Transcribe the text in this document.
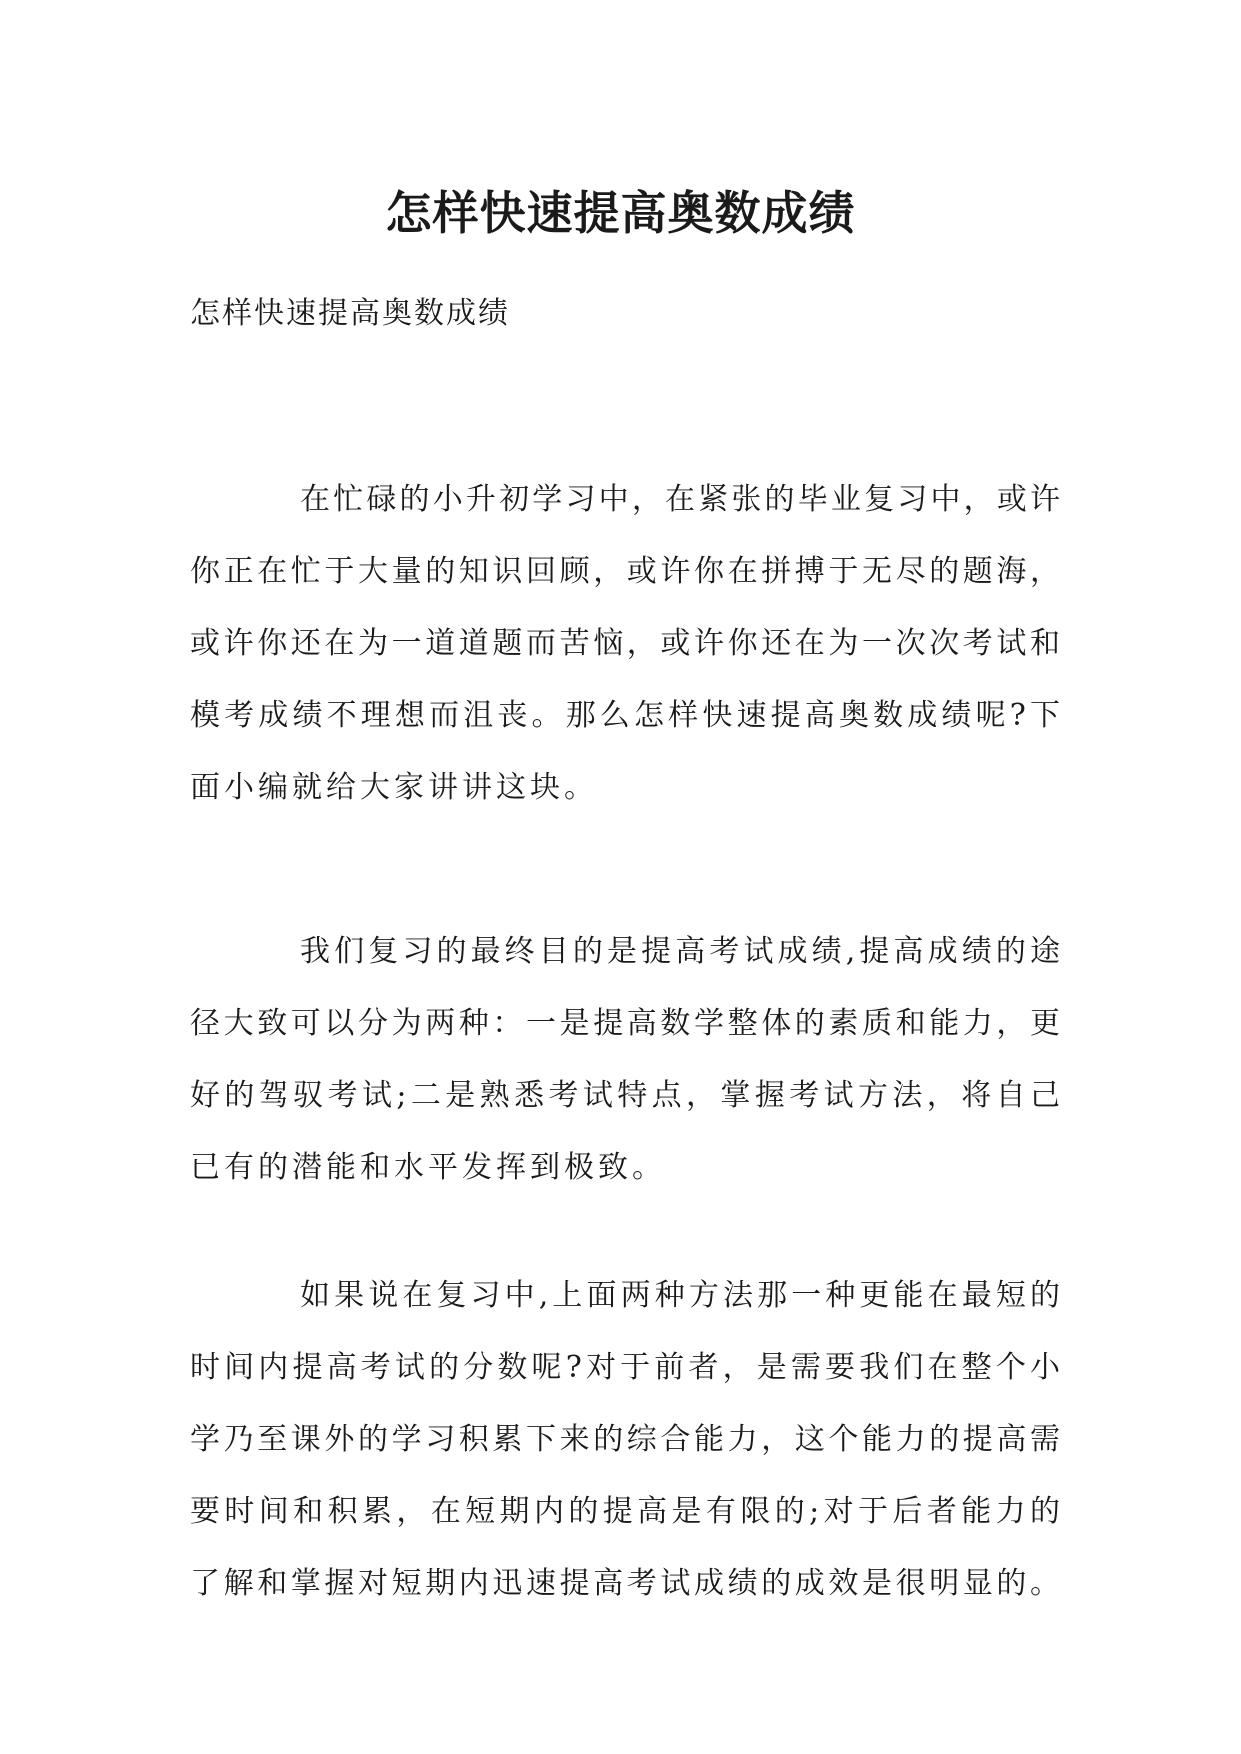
怎样快速提高奥数成绩
怎样快速提高奥数成绩
在忙碌的小升初学习中，在紧张的毕业复习中，或许
你正在忙于大量的知识回顾，或许你在拼搏于无尽的题海，
或许你还在为一道道题而苦恼，或许你还在为一次次考试和
模考成绩不理想而沮丧。那么怎样快速提高奥数成绩呢?下
面小编就给大家讲讲这块。
我们复习的最终目的是提高考试成绩,提高成绩的途
径大致可以分为两种：一是提高数学整体的素质和能力，更
好的驾驭考试;二是熟悉考试特点，掌握考试方法，将自己
已有的潜能和水平发挥到极致。
如果说在复习中,上面两种方法那一种更能在最短的
时间内提高考试的分数呢?对于前者，是需要我们在整个小
学乃至课外的学习积累下来的综合能力，这个能力的提高需
要时间和积累，在短期内的提高是有限的;对于后者能力的
了解和掌握对短期内迅速提高考试成绩的成效是很明显的。
